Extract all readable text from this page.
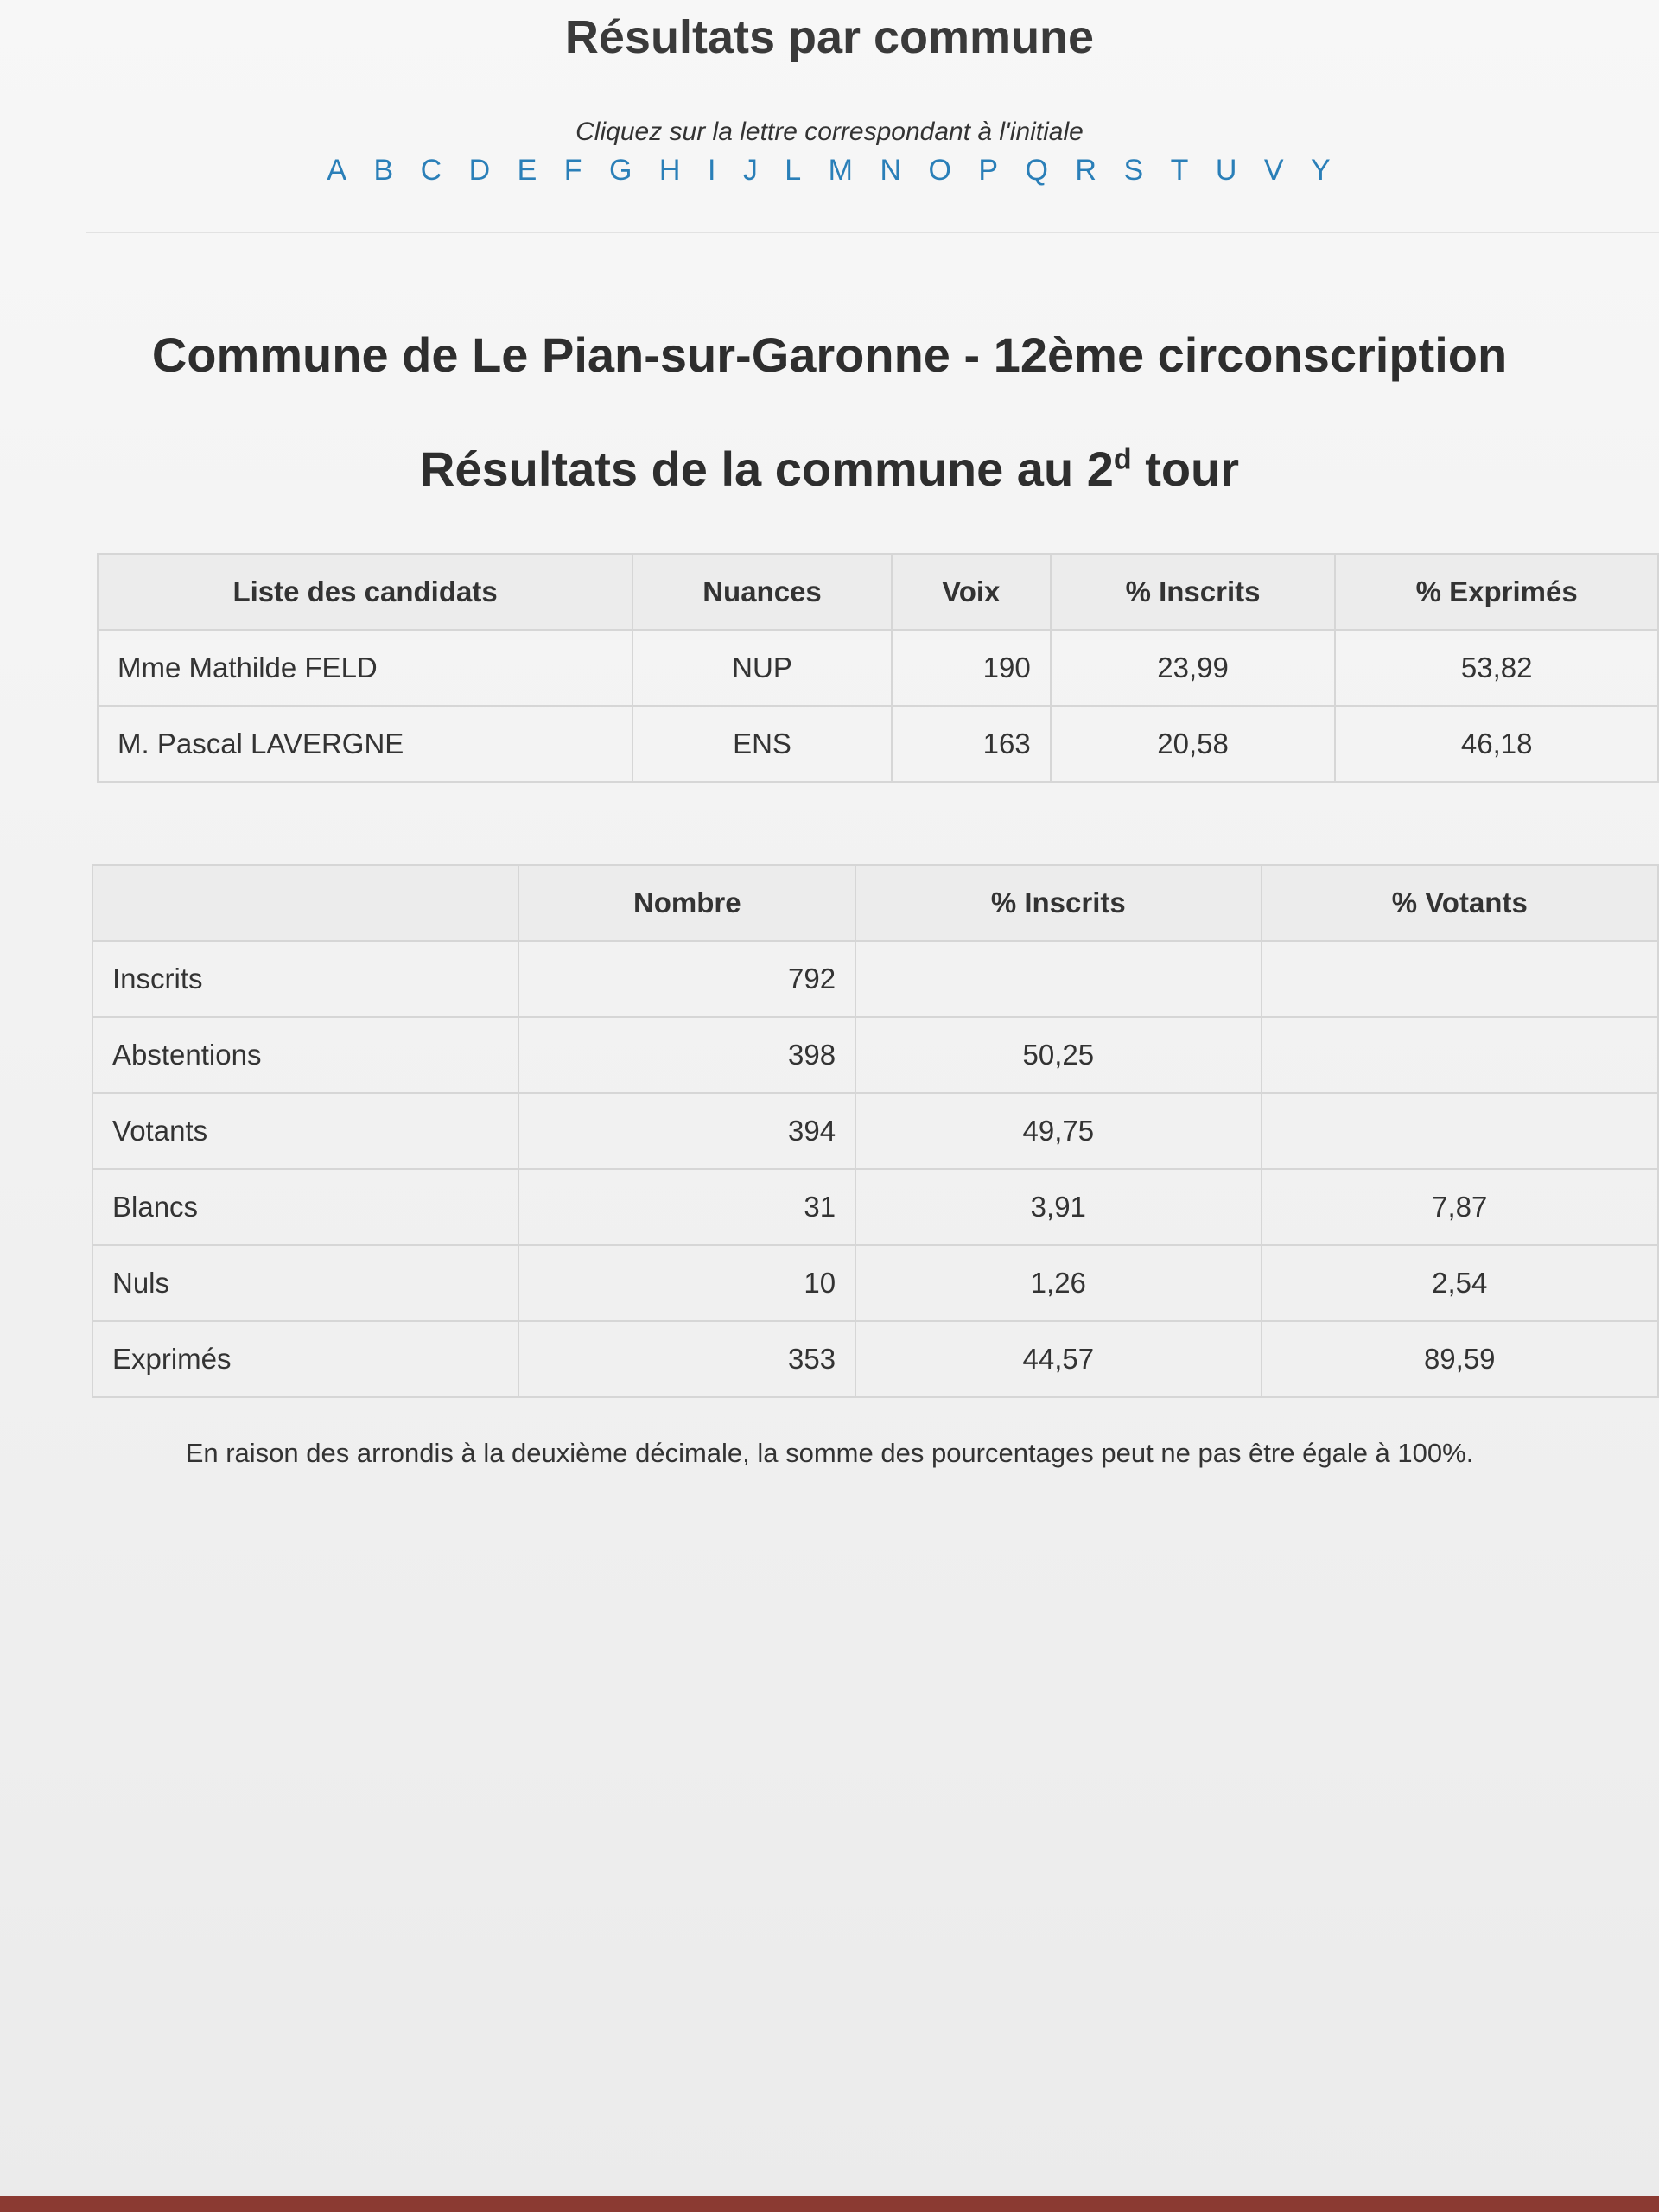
Résultats par commune
Cliquez sur la lettre correspondant à l'initiale
A B C D E F G H I J L M N O P Q R S T U V Y
Commune de Le Pian-sur-Garonne - 12ème circonscription
Résultats de la commune au 2$^d$ tour
Liste des candidats	Nuances	Voix	% Inscrits	% Exprimés
Mme Mathilde FELD	NUP	190	23,99	53,82
M. Pascal LAVERGNE	ENS	163	20,58	46,18
	Nombre	% Inscrits	% Votants
Inscrits	792		
Abstentions	398	50,25	
Votants	394	49,75	
Blancs	31	3,91	7,87
Nuls	10	1,26	2,54
Exprimés	353	44,57	89,59
En raison des arrondis à la deuxième décimale, la somme des pourcentages peut ne pas être égale à 100%.
